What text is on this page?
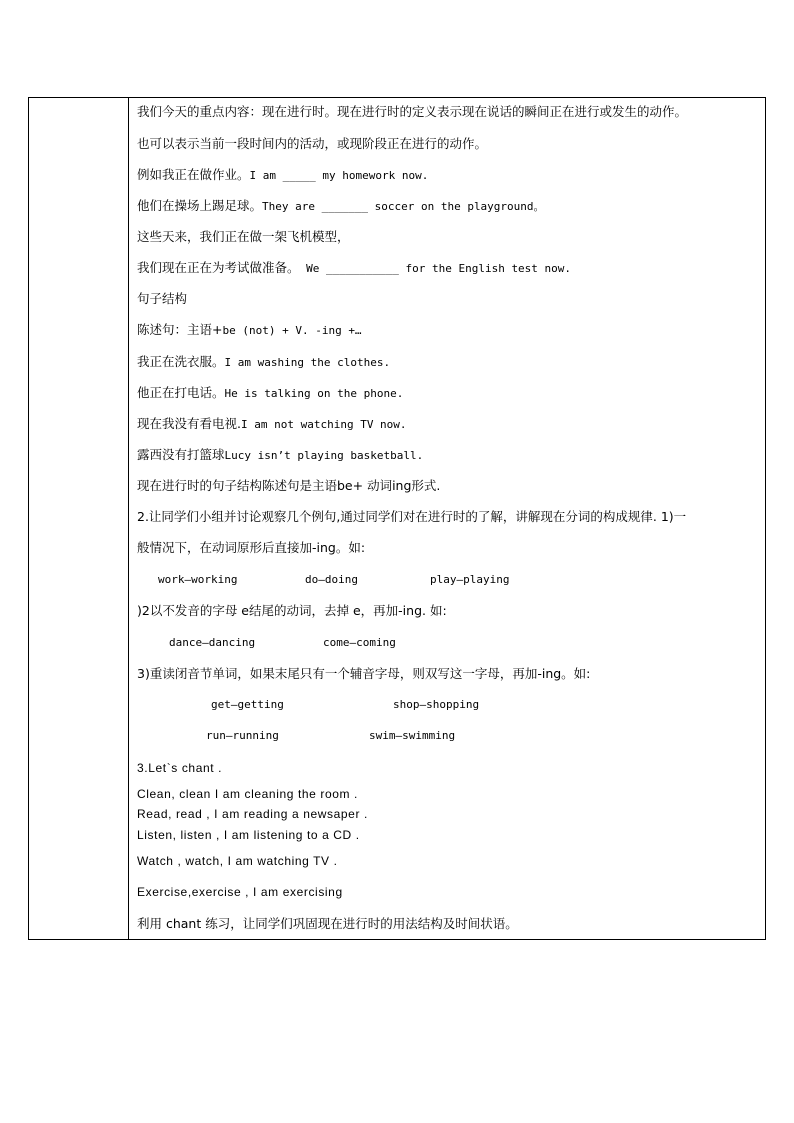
我们今天的重点内容：现在进行时。现在进行时的定义表示现在说话的瞬间正在进行或发生的动作。
也可以表示当前一段时间内的活动，或现阶段正在进行的动作。
例如我正在做作业。I am _____ my homework now.
他们在操场上踢足球。They are _______ soccer on the playground。
这些天来，我们正在做一架飞机模型，
我们现在正在为考试做准备。 We ___________ for the English test now.
句子结构
陈述句：主语+be (not) + V. -ing +…
我正在洗衣服。I am washing the clothes.
他正在打电话。He is talking on the phone.
现在我没有看电视.I am not watching TV now.
露西没有打篮球Lucy isn’t playing basketball.
现在进行时的句子结构陈述句是主语be+ 动词ing形式.
2.让同学们小组并讨论观察几个例句,通过同学们对在进行时的了解，讲解现在分词的构成规律. 1)一
般情况下，在动词原形后直接加-ing。如:
work—working	do—doing	play—playing
)2以不发音的字母 e结尾的动词，去掉 e，再加-ing. 如:
dance—dancing	come—coming
3)重读闭音节单词，如果末尾只有一个辅音字母，则双写这一字母，再加-ing。如:
get—getting	shop—shopping
run—running	swim—swimming
3.Let`s chant .
Clean, clean I am cleaning the room .
Read, read , I am reading a newsaper .
Listen, listen , I am listening to a CD .
Watch , watch, I am watching TV .
Exercise,exercise , I am exercising
利用 chant 练习，让同学们巩固现在进行时的用法结构及时间状语。
